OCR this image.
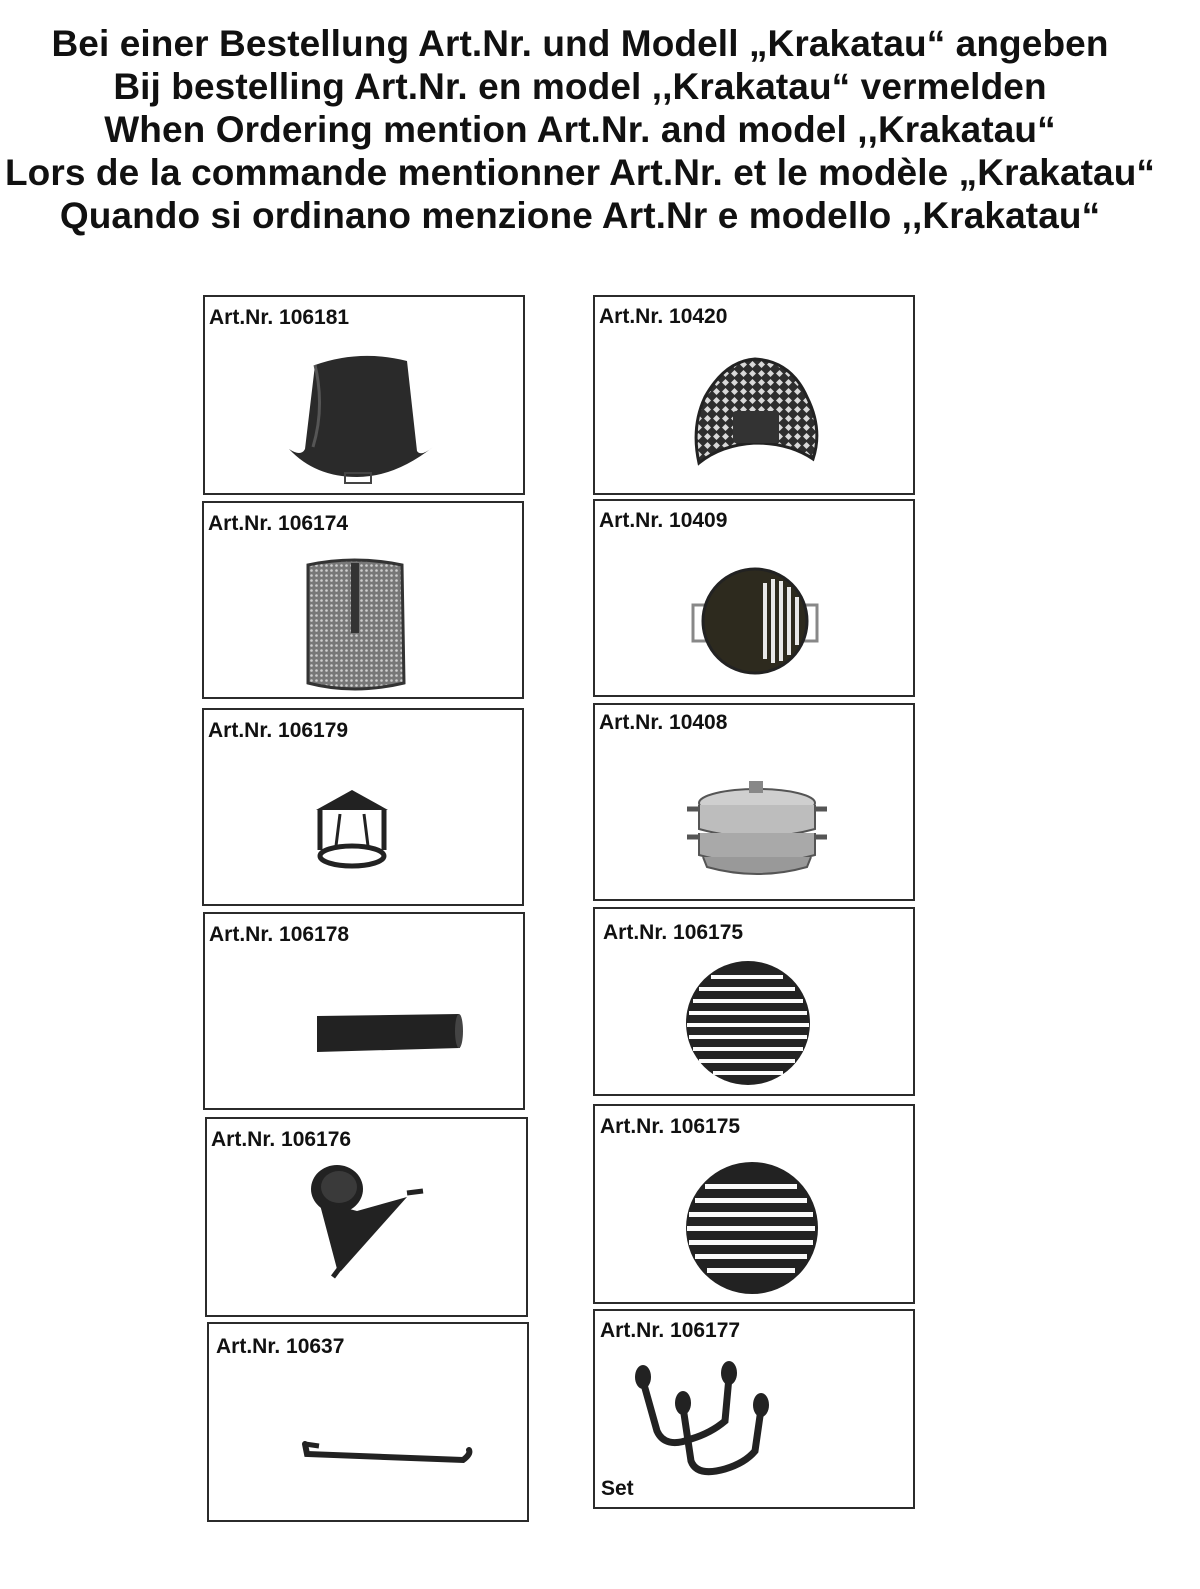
Bei einer Bestellung Art.Nr. und Modell „Krakatau“ angeben
Bij bestelling Art.Nr. en model ,,Krakatau“ vermelden
When Ordering mention Art.Nr. and model ,,Krakatau“
Lors de la commande mentionner Art.Nr. et le modèle „Krakatau“
Quando si ordinano menzione Art.Nr e modello ,,Krakatau“
Art.Nr. 106181
Art.Nr. 106174
Art.Nr. 106179
Art.Nr. 106178
Art.Nr. 106176
Art.Nr. 10637
Art.Nr. 10420
Art.Nr. 10409
Art.Nr. 10408
Art.Nr. 106175
Art.Nr. 106175
Art.Nr. 106177
Set
